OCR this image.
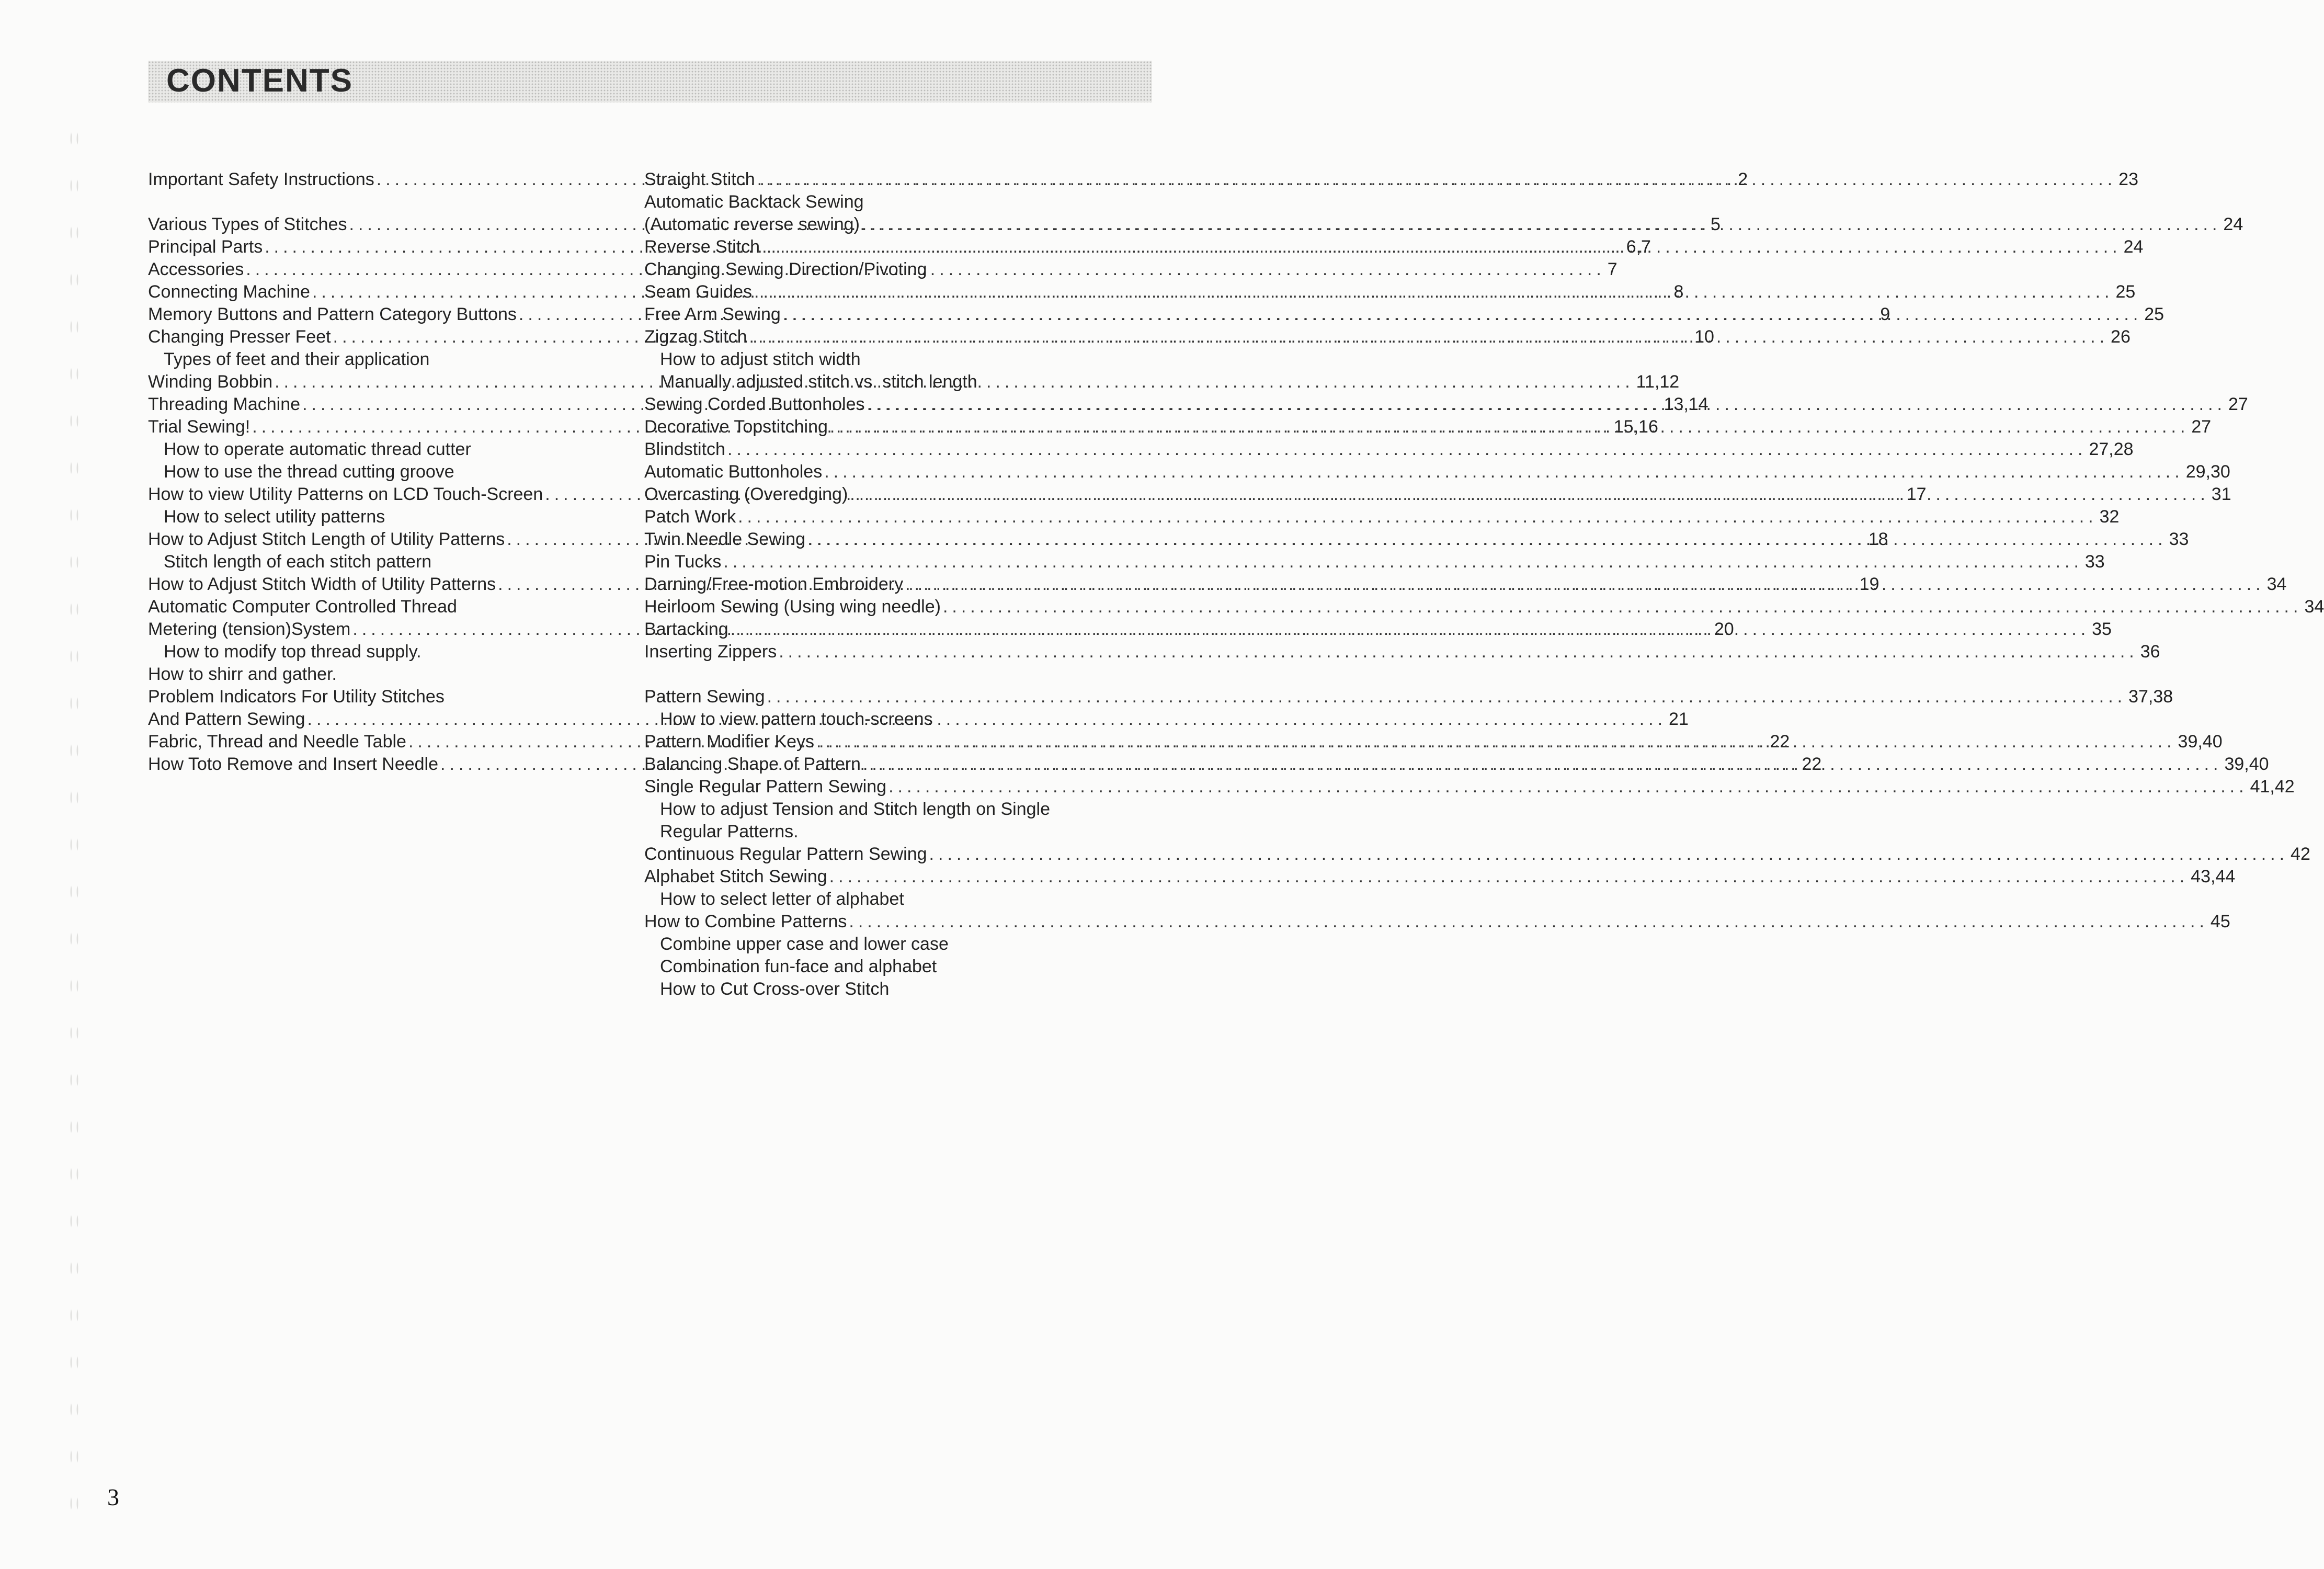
CONTENTS
Important Safety Instructions .....	2
Various Types of Stitches .....	5
Principal Parts .....	6,7
Accessories .....	7
Connecting Machine .....	8
Memory Buttons and Pattern Category Buttons .....	9
Changing Presser Feet .....	10
Types of feet and their application
Winding Bobbin .....	11,12
Threading Machine .....	13,14
Trial Sewing! .....	15,16
How to operate automatic thread cutter
How to use the thread cutting groove
How to view Utility Patterns on LCD Touch-Screen .....	17
How to select utility patterns
How to Adjust Stitch Length of Utility Patterns .....	18
Stitch length of each stitch pattern
How to Adjust Stitch Width of Utility Patterns .....	19
Automatic Computer Controlled Thread
Metering (tension)System .....	20
How to modify top thread supply.
How to shirr and gather.
Problem Indicators For Utility Stitches
And Pattern Sewing .....	21
Fabric, Thread and Needle Table .....	22
How Toto Remove and Insert Needle .....	22
Straight Stitch .....	23
Automatic Backtack Sewing
(Automatic reverse sewing) .....	24
Reverse Stitch .....	24
Changing Sewing Direction/Pivoting
Seam Guides .....	25
Free Arm Sewing .....	25
Zigzag Stitch .....	26
How to adjust stitch width
Manually adjusted stitch vs. stitch length
Sewing Corded Buttonholes .....	27
Decorative Topstitching .....	27
Blindstitch .....	27,28
Automatic Buttonholes .....	29,30
Overcasting (Overedging) .....	31
Patch Work .....	32
Twin Needle Sewing .....	33
Pin Tucks .....	33
Darning/Free-motion Embroidery .....	34
Heirloom Sewing (Using wing needle) .....	34
Bartacking .....	35
Inserting Zippers .....	36
Pattern Sewing .....	37,38
How to view pattern touch-screens
Pattern Modifier Keys .....	39,40
Balancing Shape of Pattern .....	39,40
Single Regular Pattern Sewing .....	41,42
How to adjust Tension and Stitch length on Single
Regular Patterns.
Continuous Regular Pattern Sewing .....	42
Alphabet Stitch Sewing .....	43,44
How to select letter of alphabet
How to Combine Patterns .....	45
Combine upper case and lower case
Combination fun-face and alphabet
How to Cut Cross-over Stitch
3
